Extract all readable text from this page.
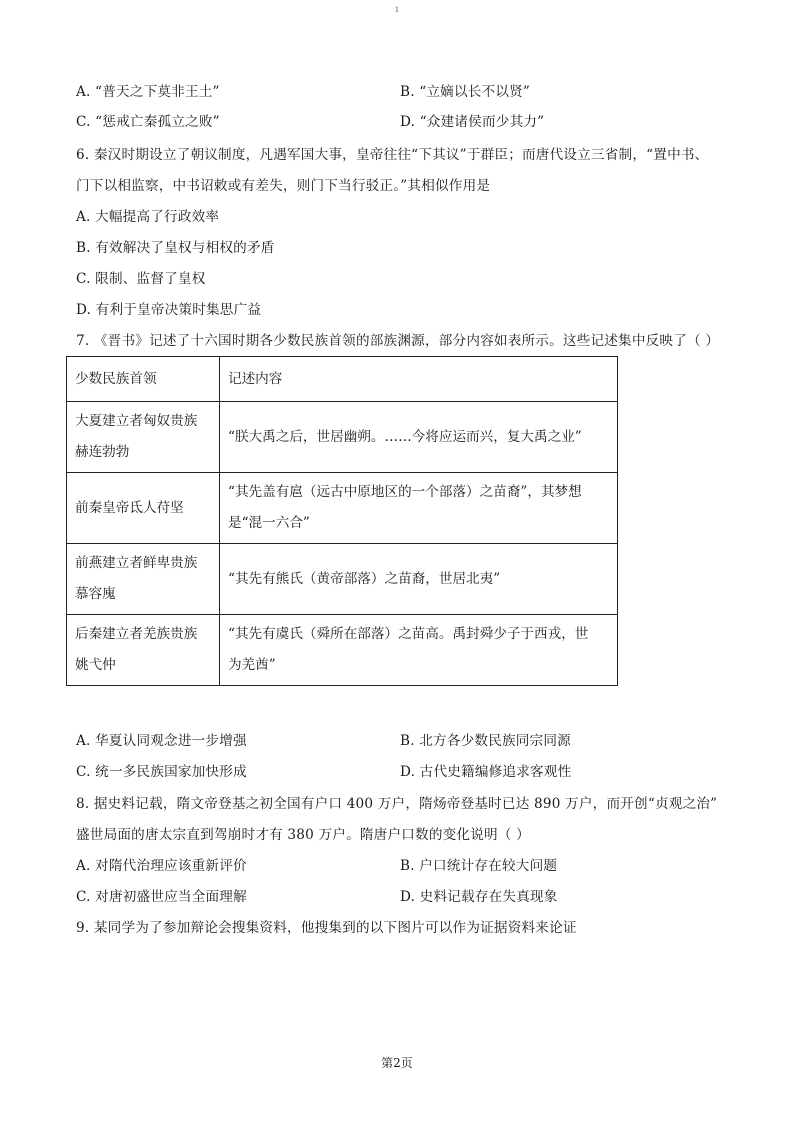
1
A. “普天之下莫非王土”	B. “立嫡以长不以贤”
C. “惩戒亡秦孤立之败”	D. “众建诸侯而少其力”
6. 秦汉时期设立了朝议制度，凡遇军国大事，皇帝往往“下其议”于群臣；而唐代设立三省制，“置中书、
门下以相监察，中书诏敕或有差失，则门下当行驳正。”其相似作用是
A. 大幅提高了行政效率
B. 有效解决了皇权与相权的矛盾
C. 限制、监督了皇权
D. 有利于皇帝决策时集思广益
7. 《晋书》记述了十六国时期各少数民族首领的部族渊源，部分内容如表所示。这些记述集中反映了（ ）
少数民族首领	记述内容
大夏建立者匈奴贵族
赫连勃勃	“朕大禹之后，世居幽朔。……今将应运而兴，复大禹之业”
前秦皇帝氐人苻坚	“其先盖有扈（远古中原地区的一个部落）之苗裔”，其梦想
是“混一六合”
前燕建立者鲜卑贵族
慕容廆	“其先有熊氏（黄帝部落）之苗裔，世居北夷”
后秦建立者羌族贵族
姚弋仲	“其先有虞氏（舜所在部落）之苗高。禹封舜少子于西戎，世
为羌酋”
A. 华夏认同观念进一步增强	B. 北方各少数民族同宗同源
C. 统一多民族国家加快形成	D. 古代史籍编修追求客观性
8. 据史料记载，隋文帝登基之初全国有户口 400 万户，隋炀帝登基时已达 890 万户，而开创“贞观之治”
盛世局面的唐太宗直到驾崩时才有 380 万户。隋唐户口数的变化说明（ ）
A. 对隋代治理应该重新评价	B. 户口统计存在较大问题
C. 对唐初盛世应当全面理解	D. 史料记载存在失真现象
9. 某同学为了参加辩论会搜集资料，他搜集到的以下图片可以作为证据资料来论证
第2页
